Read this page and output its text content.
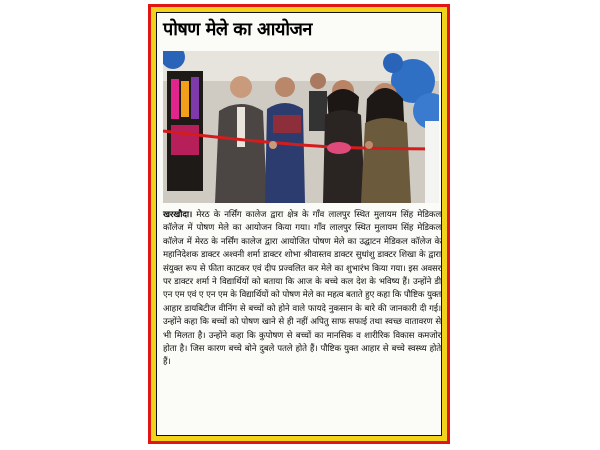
पोषण मेले का आयोजन
खरखौदा। मेरठ के नर्सिंग कालेज द्वारा क्षेत्र के गाँव लालपुर स्थित मुलायम सिंह मेडिकल कॉलेज में पोषण मेले का आयोजन किया गया। गाँव लालपुर स्थित मुलायम सिंह मेडिकल कॉलेज में मेरठ के नर्सिंग कालेज द्वारा आयोजित पोषण मेले का उद्घाटन मेडिकल कॉलेज के महानिदेशक डाक्टर अश्वनी शर्मा डाक्टर शोभा श्रीवास्तव डाक्टर सुधांशु डाक्टर शिखा के द्वारा संयुक्त रूप से फीता काटकर एवं दीप प्रज्वलित कर मेले का शुभारंभ किया गया। इस अवसर पर डाक्टर शर्मा ने विद्यार्थियों को बताया कि आज के बच्चे कल देश के भविष्य हैं। उन्होंने डी एन एम एवं ए एन एम के विद्यार्थियों को पोषण मेले का महत्व बताते हुए कहा कि पौष्टिक युक्त आहार डायबिटीज वीनिंग से बच्चों को होने वाले फायदे नुकसान के बारे की जानकारी दी गई। उन्होंने कहा कि बच्चों को पोषण खाने से ही नहीं अपितु साफ सफाई तथा स्वच्छ वातावरण से भी मिलता है। उन्होंने कहा कि कुपोषण से बच्चों का मानसिक व शारीरिक विकास कमजोर होता है। जिस कारण बच्चे बोने दुबले पतले होते हैं। पौष्टिक युक्त आहार से बच्चे स्वस्थ्य होते हैं।
